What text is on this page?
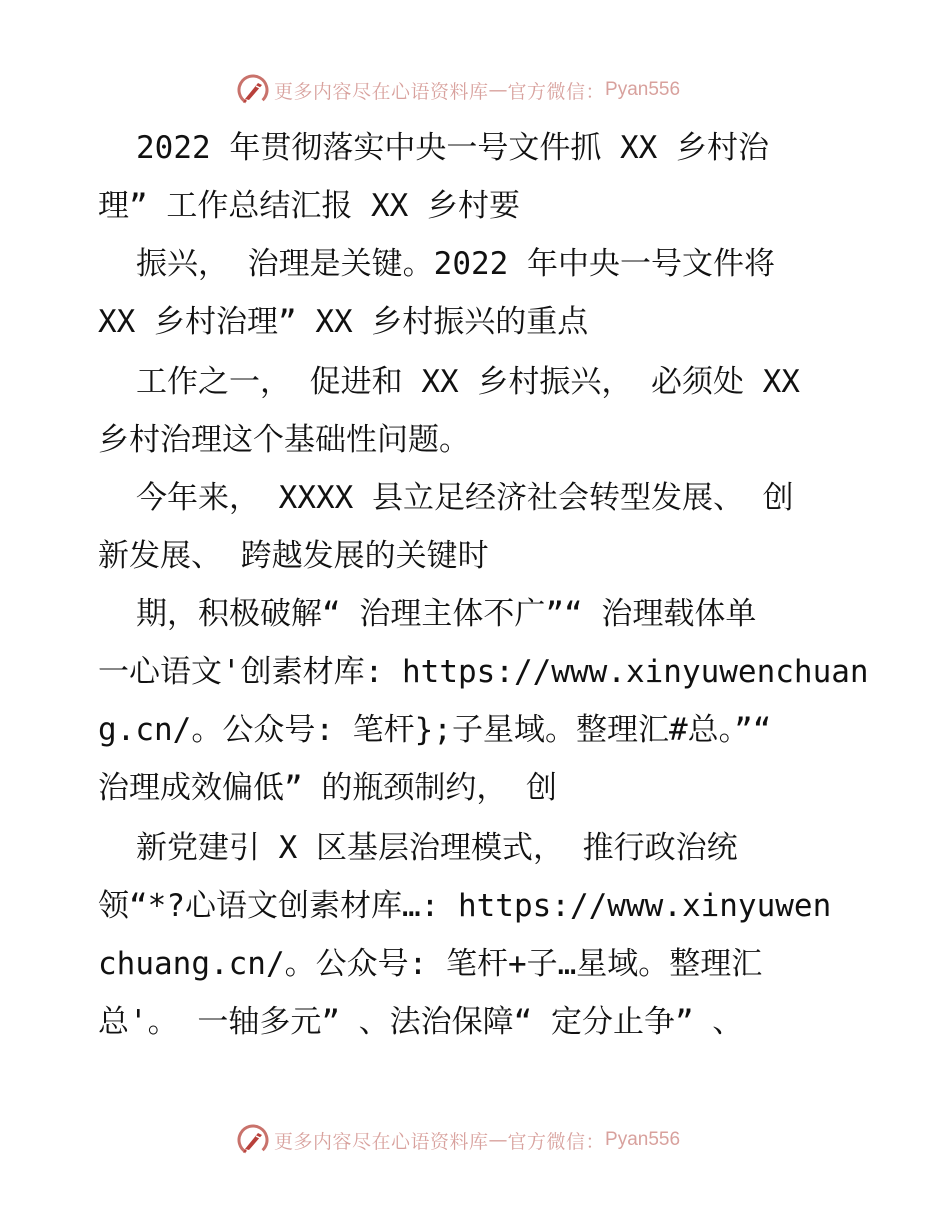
更多内容尽在心语资料库 — 官方微信： Pyan556
2022 年贯彻落实中央一号文件抓 XX 乡村治
理” 工作总结汇报 XX 乡村要
振兴， 治理是关键。2022 年中央一号文件将
XX 乡村治理” XX 乡村振兴的重点
工作之一， 促进和 XX 乡村振兴， 必须处 XX
乡村治理这个基础性问题。
今年来， XXXX 县立足经济社会转型发展、 创
新发展、 跨越发展的关键时
期，积极破解“ 治理主体不广”“ 治理载体单
一心语文'创素材库: https://www.xinyuwenchuan
g.cn/。公众号: 笔杆};子星域。整理汇#总。”“
治理成效偏低” 的瓶颈制约， 创
新党建引 X 区基层治理模式， 推行政治统
领“*?心语文创素材库…: https://www.xinyuwen
chuang.cn/。公众号: 笔杆+子…星域。整理汇
总'。 一轴多元” 、法治保障“ 定分止争” 、
更多内容尽在心语资料库 — 官方微信： Pyan556
